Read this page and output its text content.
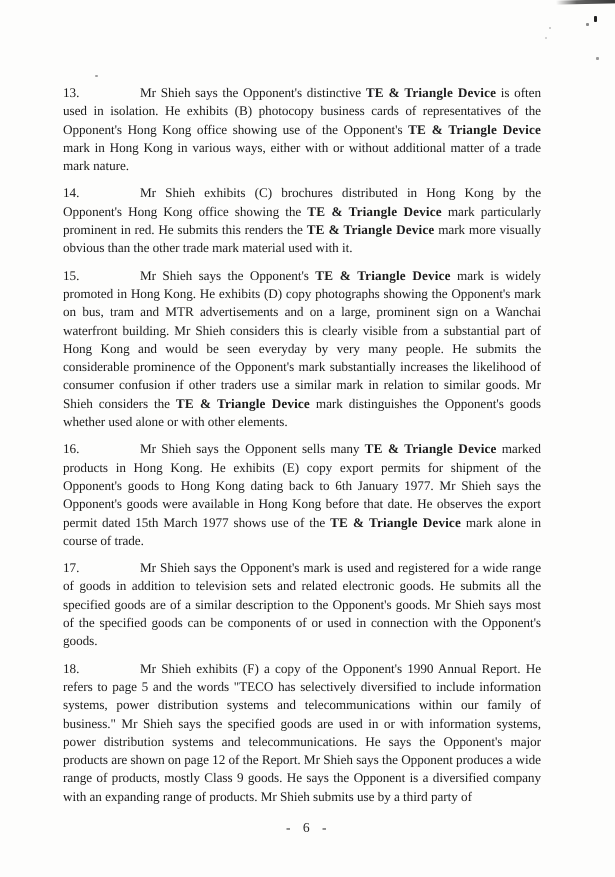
13.	Mr Shieh says the Opponent's distinctive TE & Triangle Device is often used in isolation. He exhibits (B) photocopy business cards of representatives of the Opponent's Hong Kong office showing use of the Opponent's TE & Triangle Device mark in Hong Kong in various ways, either with or without additional matter of a trade mark nature.

14.	Mr Shieh exhibits (C) brochures distributed in Hong Kong by the Opponent's Hong Kong office showing the TE & Triangle Device mark particularly prominent in red. He submits this renders the TE & Triangle Device mark more visually obvious than the other trade mark material used with it.

15.	Mr Shieh says the Opponent's TE & Triangle Device mark is widely promoted in Hong Kong. He exhibits (D) copy photographs showing the Opponent's mark on bus, tram and MTR advertisements and on a large, prominent sign on a Wanchai waterfront building. Mr Shieh considers this is clearly visible from a substantial part of Hong Kong and would be seen everyday by very many people. He submits the considerable prominence of the Opponent's mark substantially increases the likelihood of consumer confusion if other traders use a similar mark in relation to similar goods. Mr Shieh considers the TE & Triangle Device mark distinguishes the Opponent's goods whether used alone or with other elements.

16.	Mr Shieh says the Opponent sells many TE & Triangle Device marked products in Hong Kong. He exhibits (E) copy export permits for shipment of the Opponent's goods to Hong Kong dating back to 6th January 1977. Mr Shieh says the Opponent's goods were available in Hong Kong before that date. He observes the export permit dated 15th March 1977 shows use of the TE & Triangle Device mark alone in course of trade.

17.	Mr Shieh says the Opponent's mark is used and registered for a wide range of goods in addition to television sets and related electronic goods. He submits all the specified goods are of a similar description to the Opponent's goods. Mr Shieh says most of the specified goods can be components of or used in connection with the Opponent's goods.

18.	Mr Shieh exhibits (F) a copy of the Opponent's 1990 Annual Report. He refers to page 5 and the words "TECO has selectively diversified to include information systems, power distribution systems and telecommunications within our family of business." Mr Shieh says the specified goods are used in or with information systems, power distribution systems and telecommunications. He says the Opponent's major products are shown on page 12 of the Report. Mr Shieh says the Opponent produces a wide range of products, mostly Class 9 goods. He says the Opponent is a diversified company with an expanding range of products. Mr Shieh submits use by a third party of

- 6 -
